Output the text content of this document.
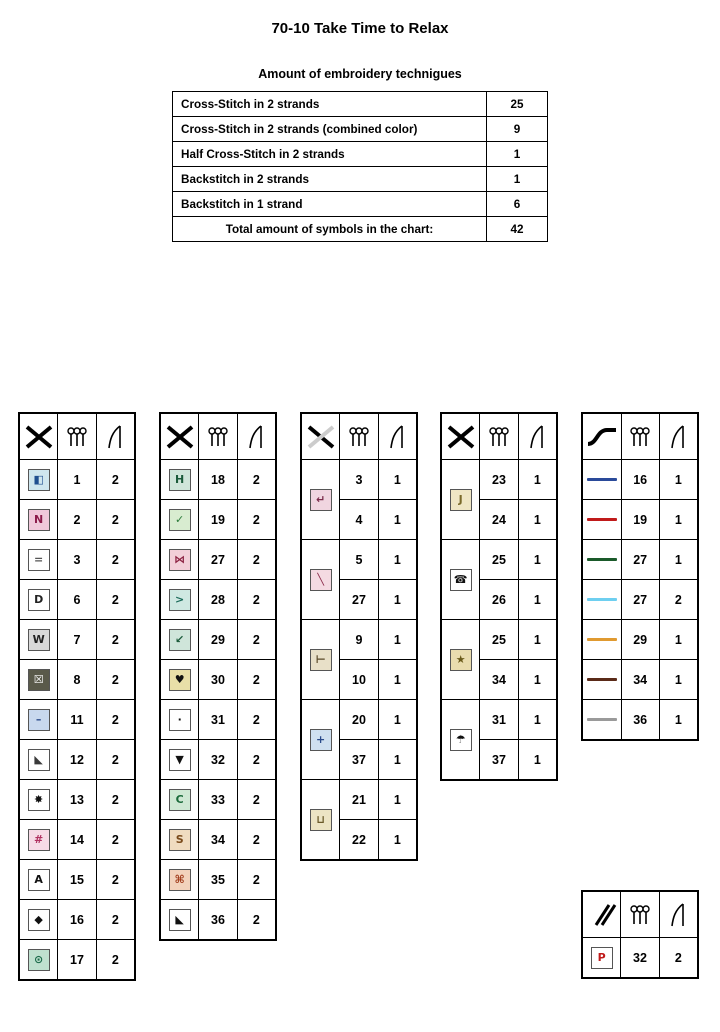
70-10 Take Time to Relax
Amount of embroidery technigues
Cross-Stitch in 2 strands	25
Cross-Stitch in 2 strands (combined color)	9
Half Cross-Stitch in 2 strands	1
Backstitch in 2 strands	1
Backstitch in 1 strand	6
Total amount of symbols in the chart:	42

◧	1	2

N	2	2

=	3	2

D	6	2

W	7	2

☒	8	2

–	11	2

◣	12	2

✸	13	2

#	14	2

A	15	2

◆	16	2

⊙	17	2

H	18	2

✓	19	2

⋈	27	2

>	28	2

↙	29	2

♥	30	2

·	31	2

▼	32	2

C	33	2

S	34	2

⌘	35	2

◣	36	2

↵	3	1
	4	1

╲	5	1
	27	1

⊢	9	1
	10	1

+	20	1
	37	1

⊔	21	1
	22	1

J	23	1
	24	1

☎	25	1
	26	1

★	25	1
	34	1

☂	31	1
	37	1

	16	1

	19	1

	27	1

	27	2

	29	1

	34	1

	36	1

P	32	2
